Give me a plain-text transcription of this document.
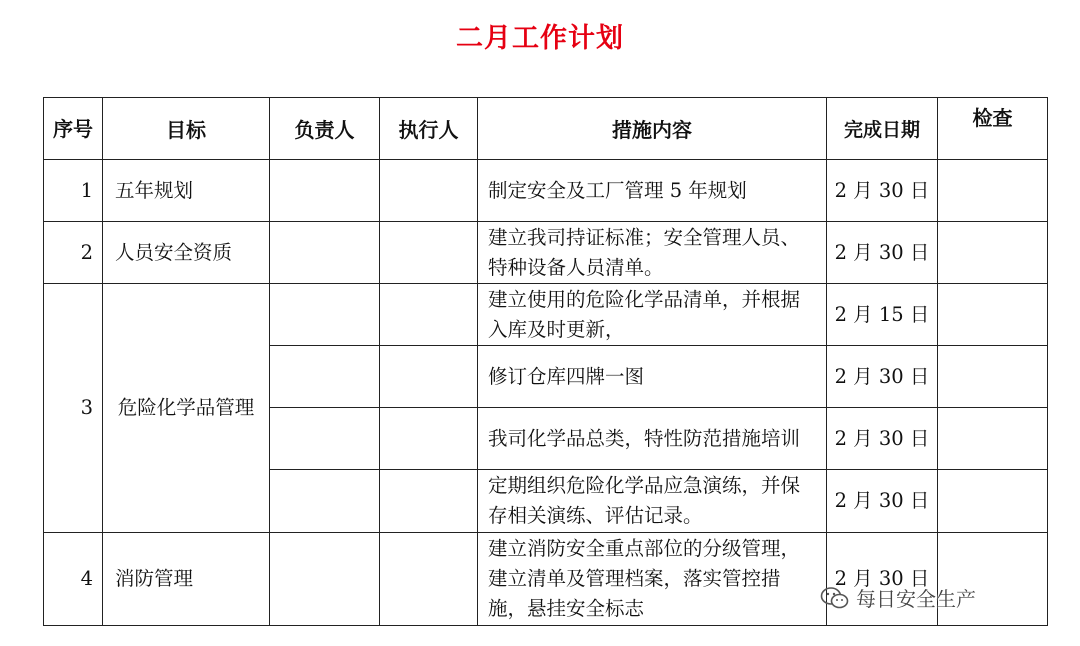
二月工作计划
序号	目标	负责人	执行人	措施内容	完成日期	检查
1	五年规划			制定安全及工厂管理 5 年规划	2 月 30 日	
2	人员安全资质			建立我司持证标准；安全管理人员、特种设备人员清单。	2 月 30 日	
3	危险化学品管理			建立使用的危险化学品清单，并根据入库及时更新，	2 月 15 日	
				修订仓库四牌一图	2 月 30 日	
				我司化学品总类，特性防范措施培训	2 月 30 日	
				定期组织危险化学品应急演练，并保存相关演练、评估记录。	2 月 30 日	
4	消防管理			建立消防安全重点部位的分级管理，建立清单及管理档案，落实管控措施，悬挂安全标志	2 月 30 日	
每日安全生产
